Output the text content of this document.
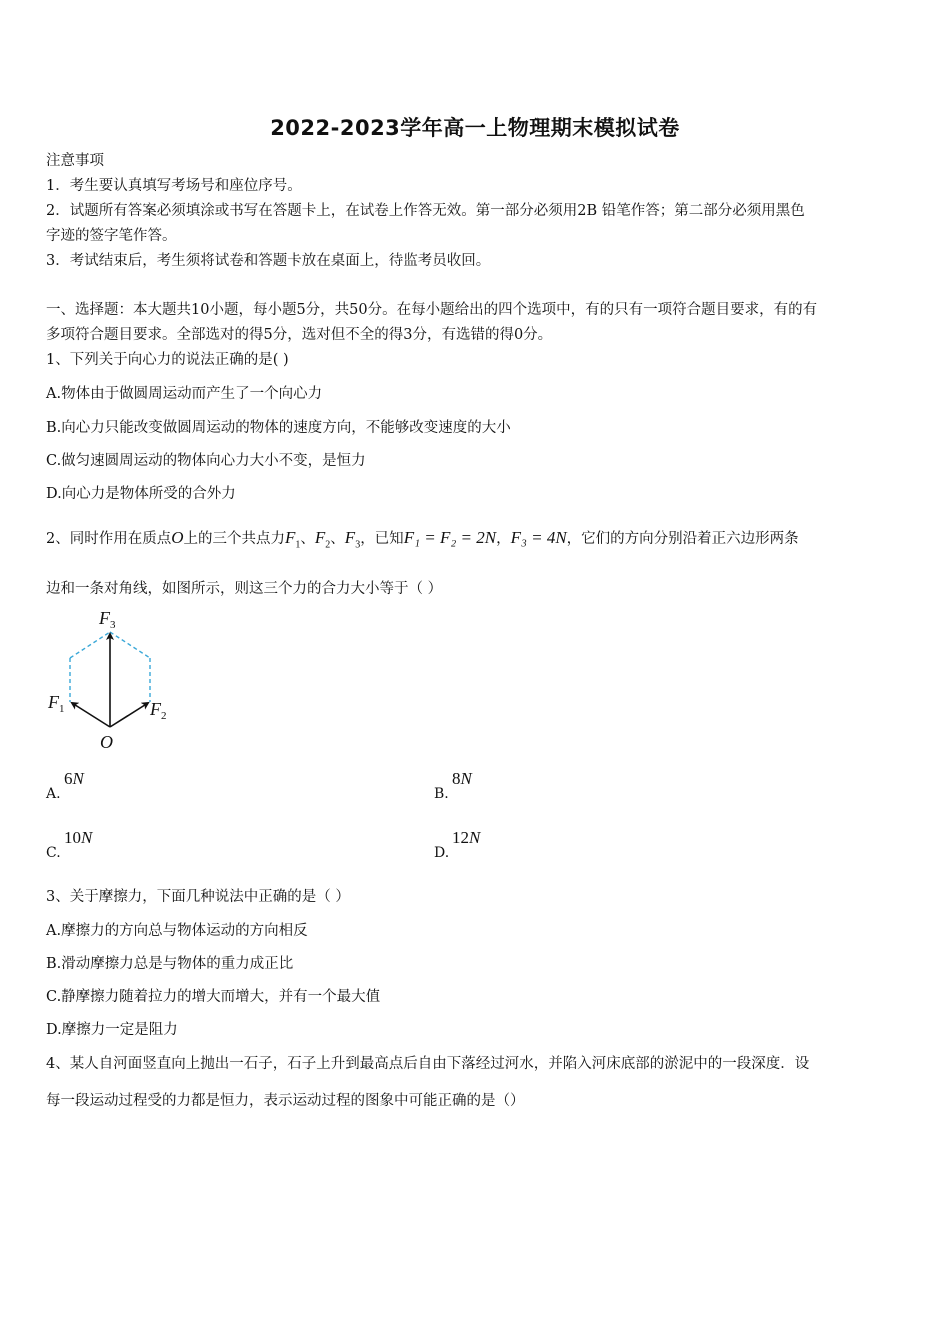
2022-2023学年高一上物理期末模拟试卷
注意事项
1．考生要认真填写考场号和座位序号。
2．试题所有答案必须填涂或书写在答题卡上，在试卷上作答无效。第一部分必须用2B 铅笔作答；第二部分必须用黑色
字迹的签字笔作答。
3．考试结束后，考生须将试卷和答题卡放在桌面上，待监考员收回。
一、选择题：本大题共10小题，每小题5分，共50分。在每小题给出的四个选项中，有的只有一项符合题目要求，有的有
多项符合题目要求。全部选对的得5分，选对但不全的得3分，有选错的得0分。
1、下列关于向心力的说法正确的是( )
A.物体由于做圆周运动而产生了一个向心力
B.向心力只能改变做圆周运动的物体的速度方向，不能够改变速度的大小
C.做匀速圆周运动的物体向心力大小不变，是恒力
D.向心力是物体所受的合外力
2、同时作用在质点O上的三个共点力$F_1$、$F_2$、$F_3$，已知F₁ = F₂ = 2N，F₃ = 4N，它们的方向分别沿着正六边形两条
边和一条对角线，如图所示，则这三个力的合力大小等于（ ）
$F_3$
$F_1$	$F_2$
O
A.
6N
B.
8N
C.
10N
D.
12N
3、关于摩擦力，下面几种说法中正确的是（ ）
A.摩擦力的方向总与物体运动的方向相反
B.滑动摩擦力总是与物体的重力成正比
C.静摩擦力随着拉力的增大而增大，并有一个最大值
D.摩擦力一定是阻力
4、某人自河面竖直向上抛出一石子，石子上升到最高点后自由下落经过河水，并陷入河床底部的淤泥中的一段深度．设
每一段运动过程受的力都是恒力，表示运动过程的图象中可能正确的是（）
